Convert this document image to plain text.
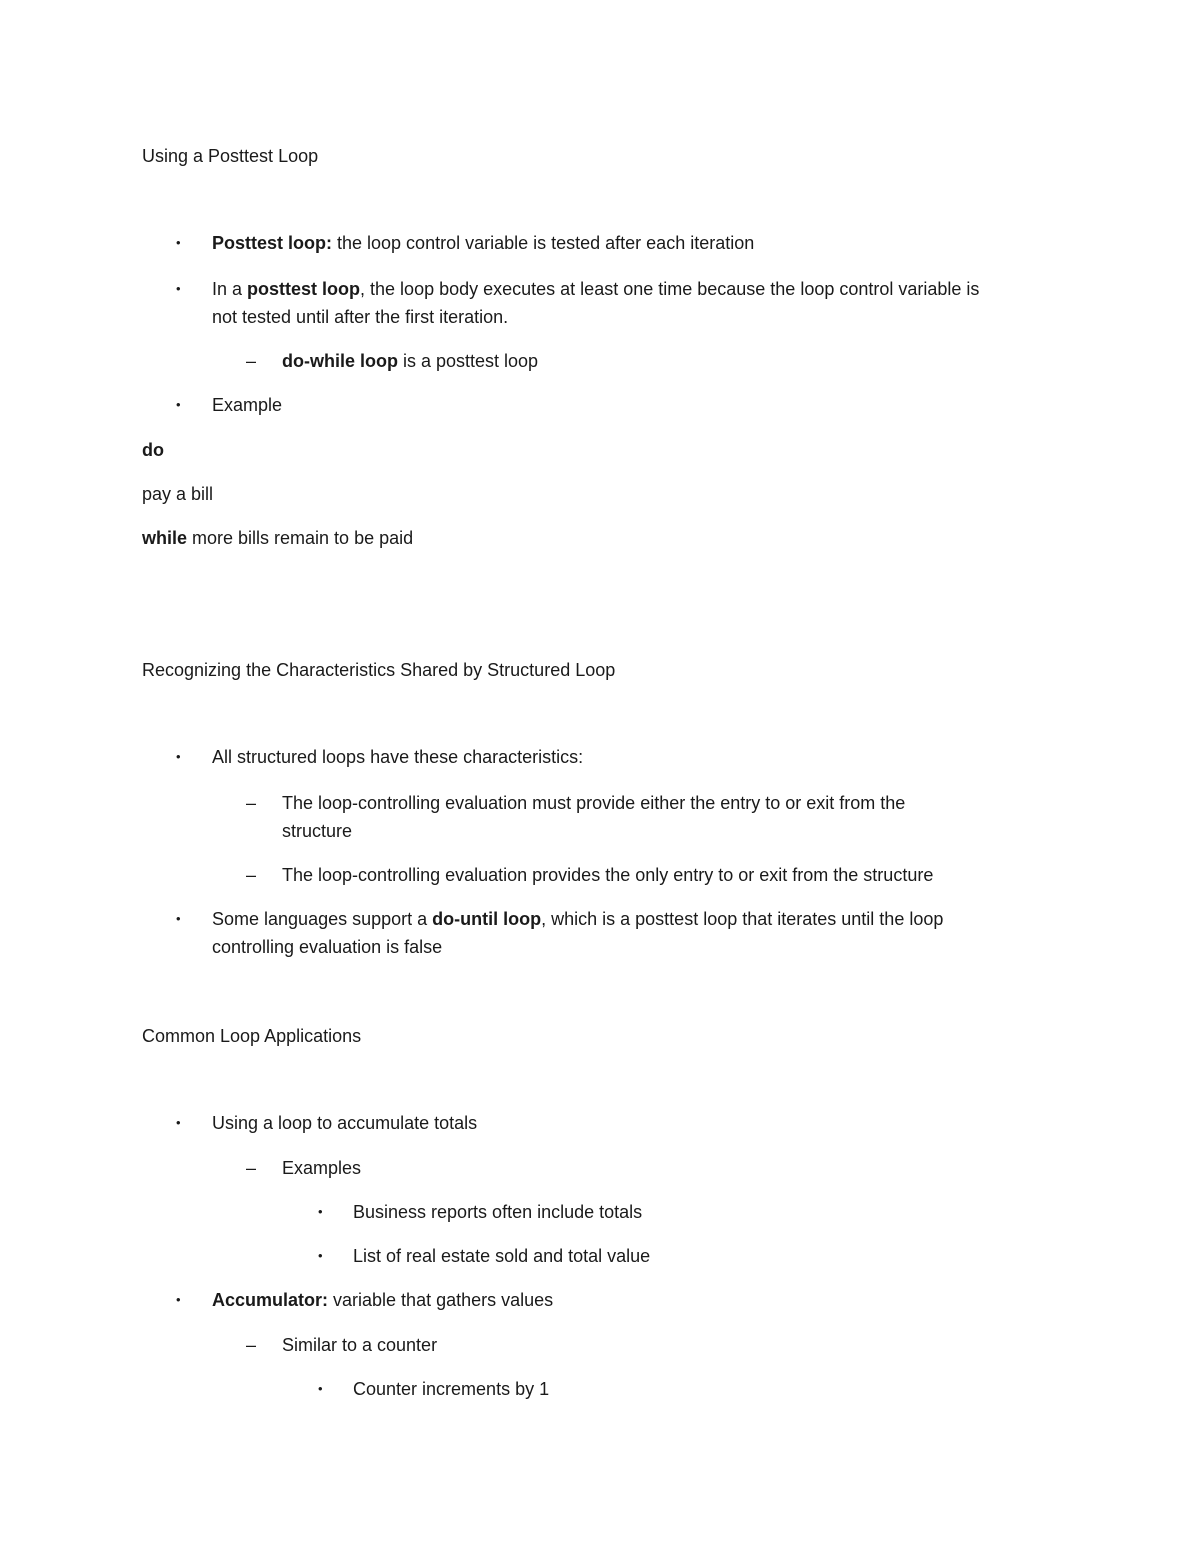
Using a Posttest Loop
• Posttest loop: the loop control variable is tested after each iteration
• In a posttest loop, the loop body executes at least one time because the loop control variable is
not tested until after the first iteration.
– do-while loop is a posttest loop
• Example
do
pay a bill
while more bills remain to be paid
Recognizing the Characteristics Shared by Structured Loop
• All structured loops have these characteristics:
– The loop-controlling evaluation must provide either the entry to or exit from the
structure
– The loop-controlling evaluation provides the only entry to or exit from the structure
• Some languages support a do-until loop, which is a posttest loop that iterates until the loop
controlling evaluation is false
Common Loop Applications
• Using a loop to accumulate totals
– Examples
• Business reports often include totals
• List of real estate sold and total value
• Accumulator: variable that gathers values
– Similar to a counter
• Counter increments by 1
